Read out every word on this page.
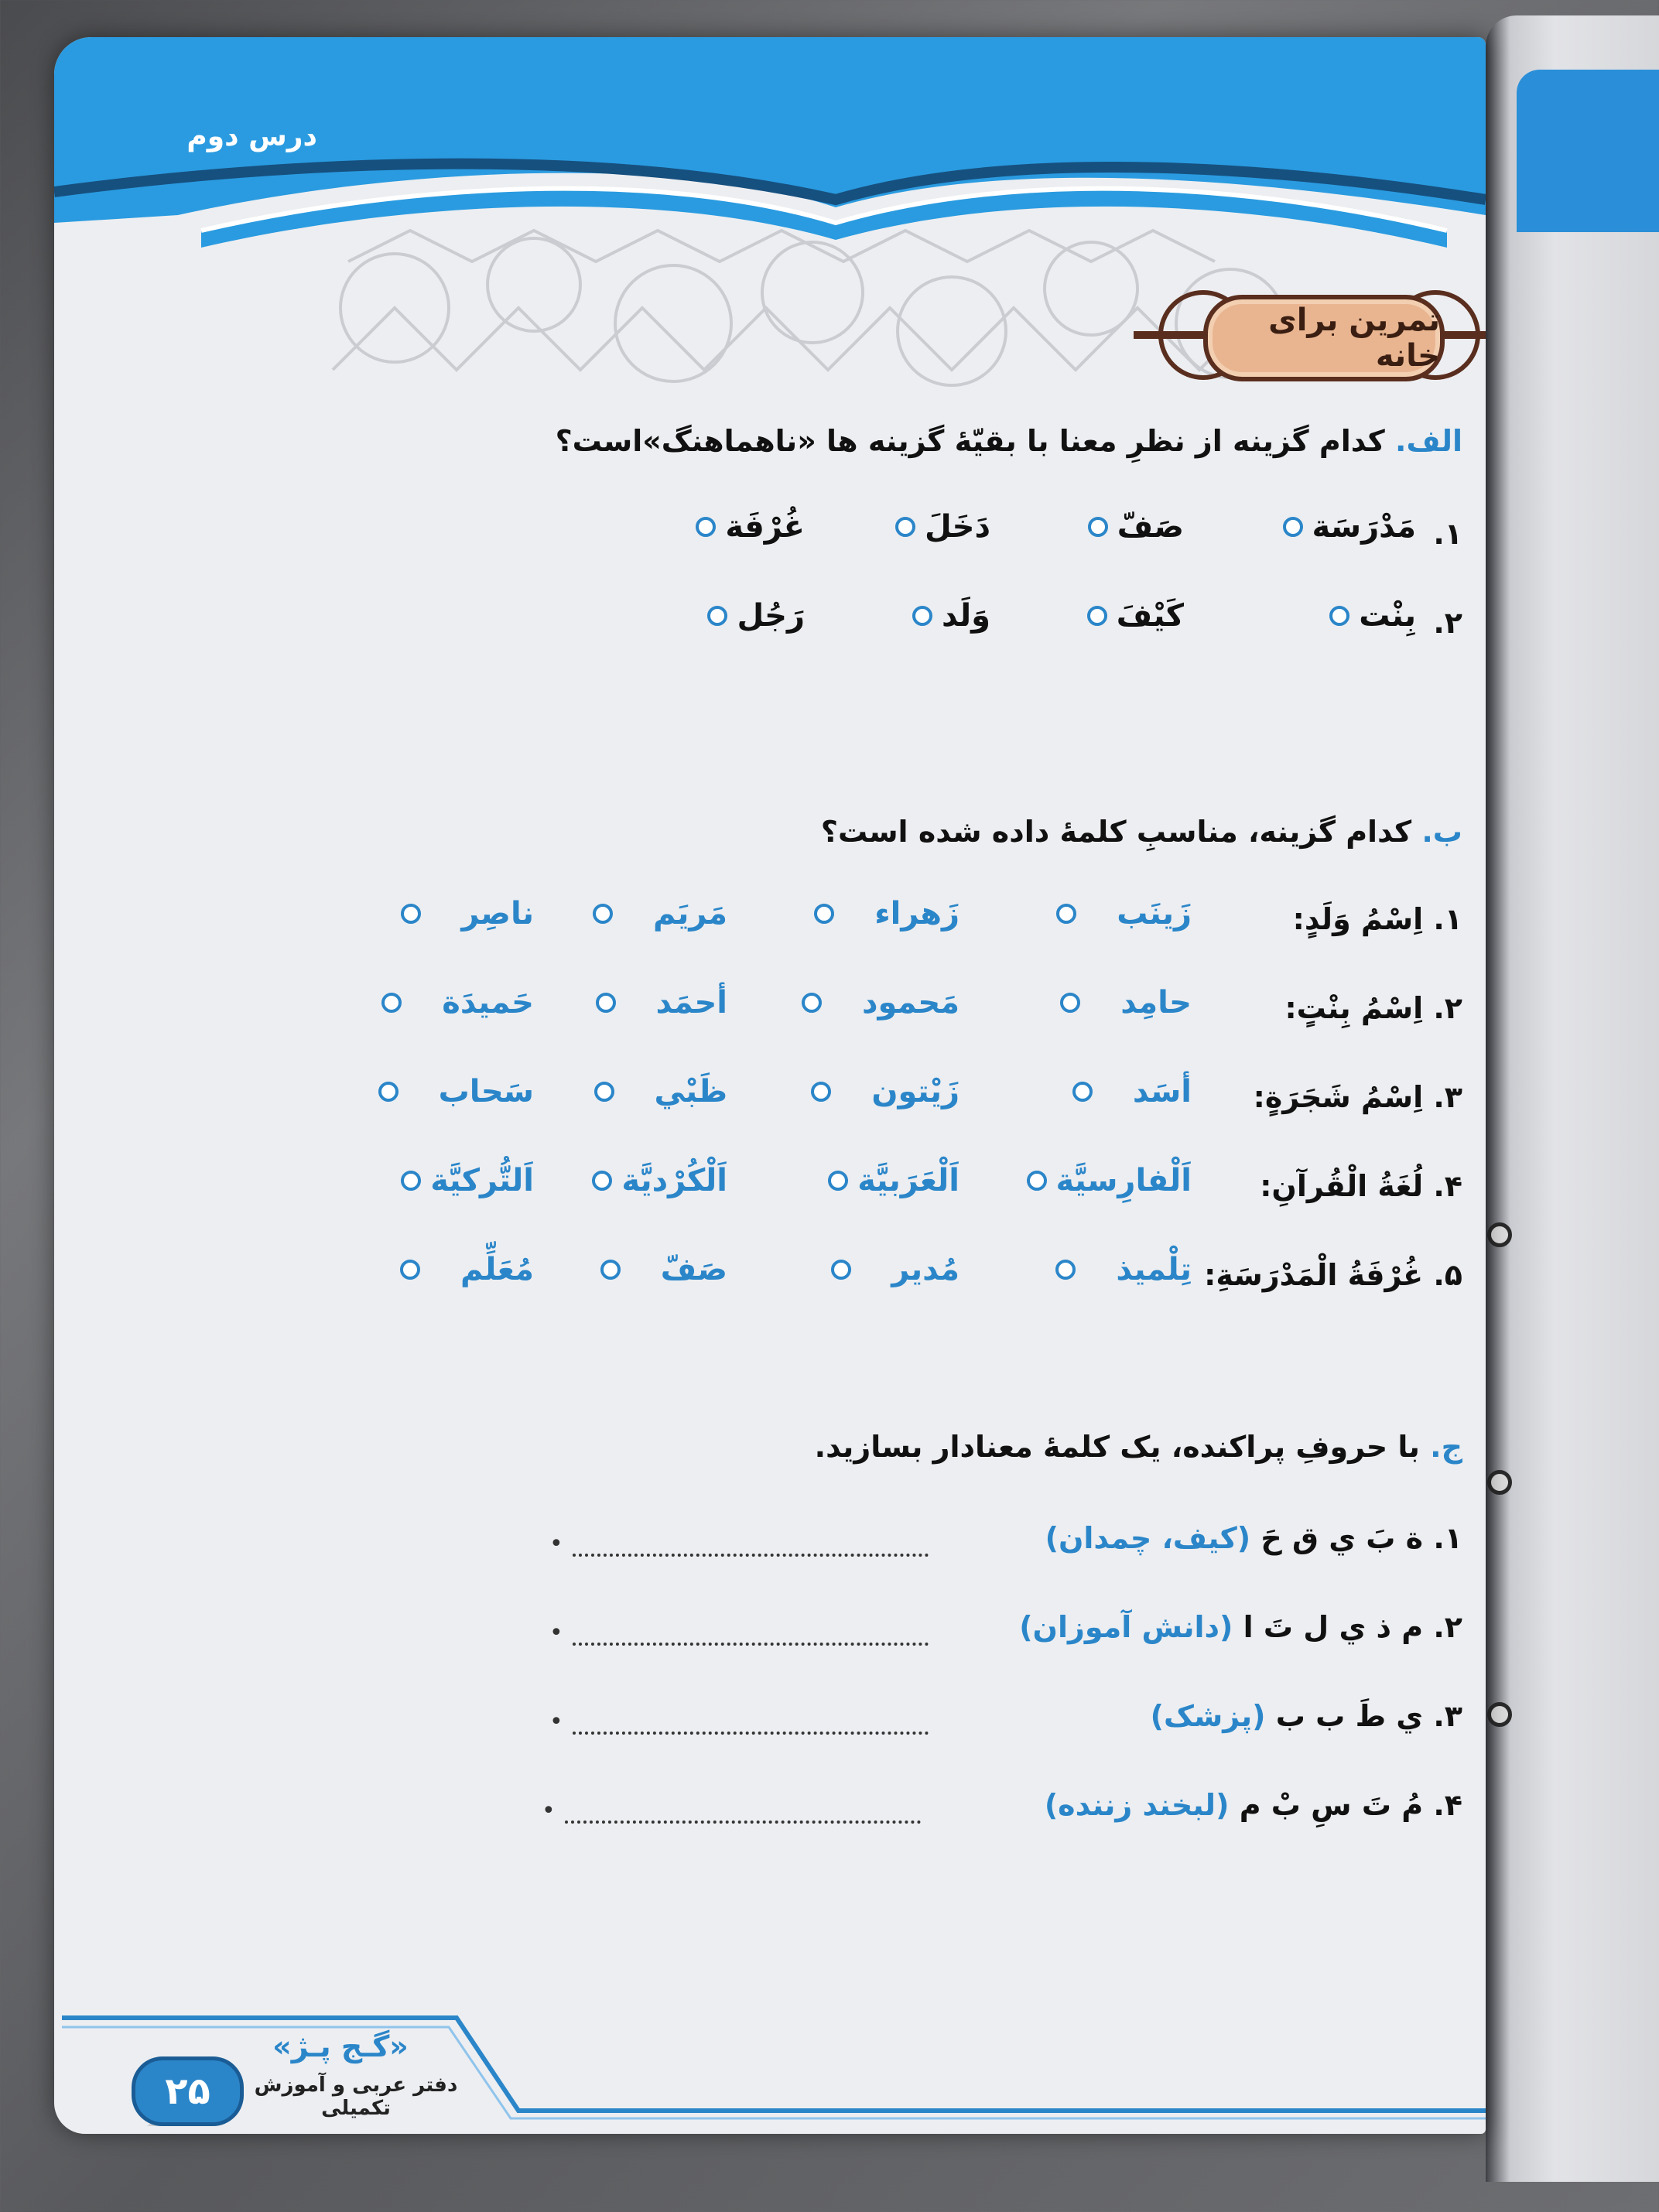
درس دوم
تمرین برای خانه
الف. کدام گزینه از نظرِ معنا با بقیّهٔ گزینه ها «ناهماهنگ»است؟
۱.
مَدْرَسَة
صَفّ
دَخَلَ
غُرْفَة
۲.
بِنْت
کَیْفَ
وَلَد
رَجُل
ب. کدام گزینه، مناسبِ کلمهٔ داده شده است؟
۱. اِسْمُ وَلَدٍ:
زَینَب
زَهراء
مَریَم
ناصِر
۲. اِسْمُ بِنْتٍ:
حامِد
مَحمود
أحمَد
حَمیدَة
۳. اِسْمُ شَجَرَةٍ:
أسَد
زَیْتون
ظَبْي
سَحاب
۴. لُغَةُ الْقُرآنِ:
اَلْفارِسیَّة
اَلْعَرَبیَّة
اَلْکُرْدیَّة
اَلتُّرکیَّة
۵. غُرْفَةُ الْمَدْرَسَةِ:
تِلْمیذ
مُدیر
صَفّ
مُعَلِّم
ج. با حروفِ پراکنده، یک کلمهٔ معنادار بسازید.
۱. ة بَ ي ق حَ (کیف، چمدان)
•
۲. م ذ ي ل تَ ا (دانش آموزان)
•
۳. ي طَ ب ب (پزشک)
•
۴. مُ تَ سِ بْ م (لبخند زننده)
•
۲۵
«گـج پـژ»
دفتر عربی و آموزش تکمیلی
